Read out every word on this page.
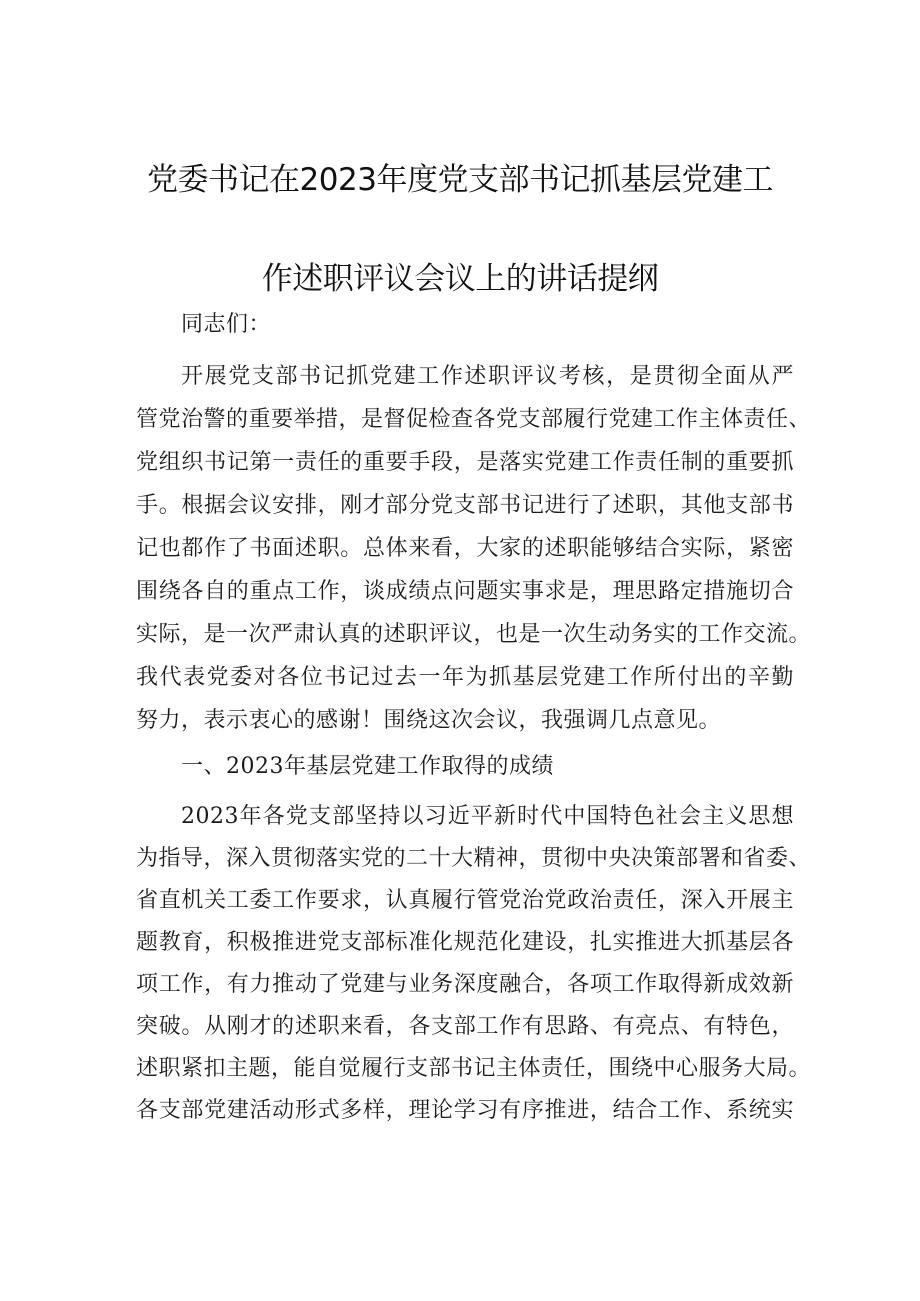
党委书记在2023年度党支部书记抓基层党建工
作述职评议会议上的讲话提纲

同志们：

开展党支部书记抓党建工作述职评议考核，是贯彻全面从严

管党治警的重要举措，是督促检查各党支部履行党建工作主体责任、

党组织书记第一责任的重要手段，是落实党建工作责任制的重要抓

手。根据会议安排，刚才部分党支部书记进行了述职，其他支部书

记也都作了书面述职。总体来看，大家的述职能够结合实际，紧密

围绕各自的重点工作，谈成绩点问题实事求是，理思路定措施切合

实际，是一次严肃认真的述职评议，也是一次生动务实的工作交流。

我代表党委对各位书记过去一年为抓基层党建工作所付出的辛勤

努力，表示衷心的感谢！围绕这次会议，我强调几点意见。

一、2023年基层党建工作取得的成绩

2023年各党支部坚持以习近平新时代中国特色社会主义思想

为指导，深入贯彻落实党的二十大精神，贯彻中央决策部署和省委、

省直机关工委工作要求，认真履行管党治党政治责任，深入开展主

题教育，积极推进党支部标准化规范化建设，扎实推进大抓基层各

项工作，有力推动了党建与业务深度融合，各项工作取得新成效新

突破。从刚才的述职来看，各支部工作有思路、有亮点、有特色，

述职紧扣主题，能自觉履行支部书记主体责任，围绕中心服务大局。

各支部党建活动形式多样，理论学习有序推进，结合工作、系统实
